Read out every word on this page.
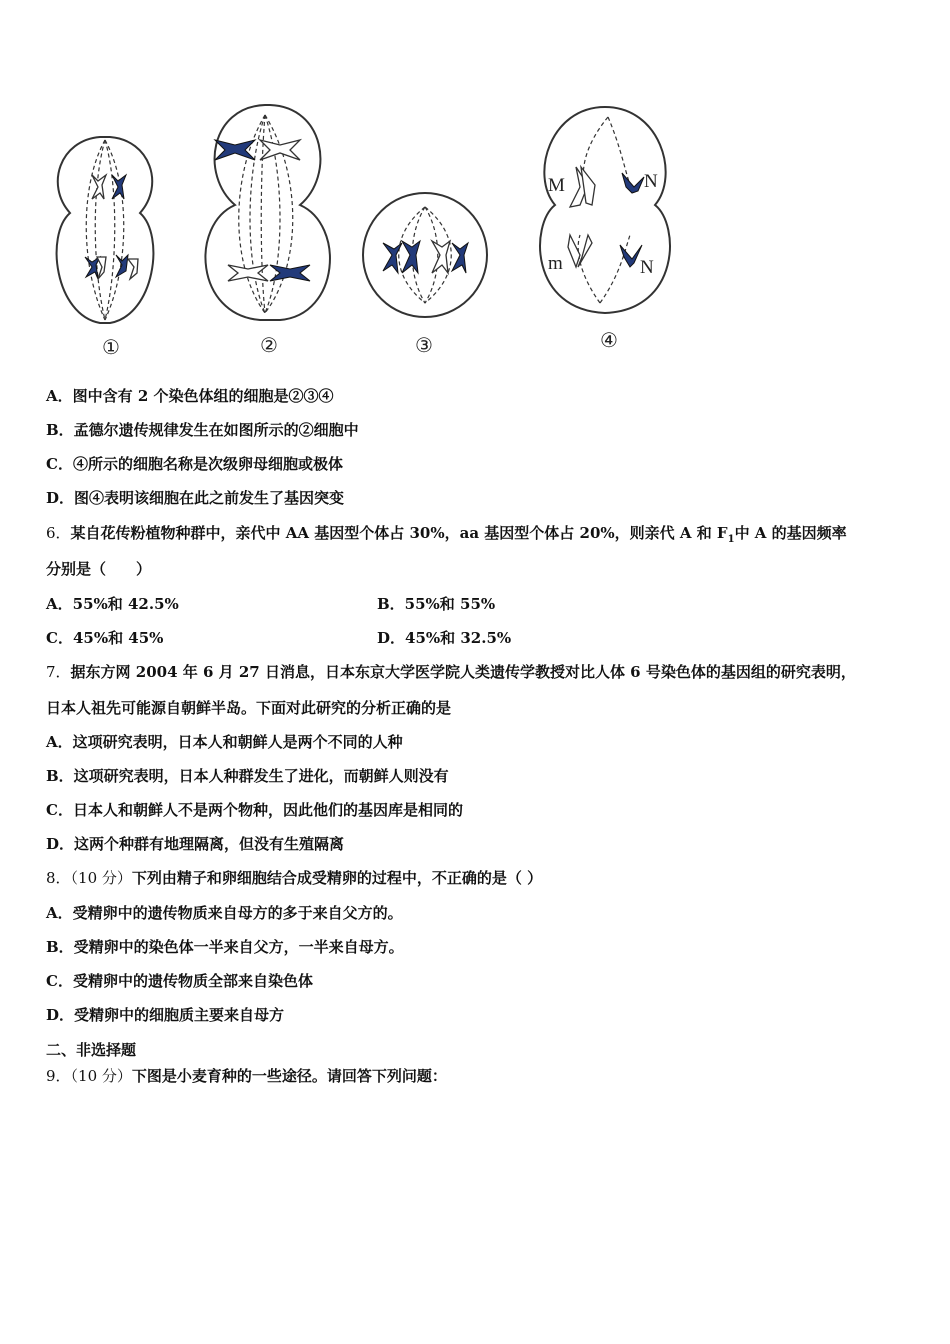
M	N
m	N
①	②	③	④
A．图中含有 2 个染色体组的细胞是②③④
B．孟德尔遗传规律发生在如图所示的②细胞中
C．④所示的细胞名称是次级卵母细胞或极体
D．图④表明该细胞在此之前发生了基因突变
6．某自花传粉植物种群中，亲代中 AA 基因型个体占 30%，aa 基因型个体占 20%，则亲代 A 和 $F_1$中 A 的基因频率
分别是（　　）
A．55%和 42.5%	B．55%和 55%
C．45%和 45%	D．45%和 32.5%
7．据东方网 2004 年 6 月 27 日消息，日本东京大学医学院人类遗传学教授对比人体 6 号染色体的基因组的研究表明，
日本人祖先可能源自朝鲜半岛。下面对此研究的分析正确的是
A．这项研究表明，日本人和朝鲜人是两个不同的人种
B．这项研究表明，日本人种群发生了进化，而朝鲜人则没有
C．日本人和朝鲜人不是两个物种，因此他们的基因库是相同的
D．这两个种群有地理隔离，但没有生殖隔离
8．（10 分）下列由精子和卵细胞结合成受精卵的过程中，不正确的是（ ）
A．受精卵中的遗传物质来自母方的多于来自父方的。
B．受精卵中的染色体一半来自父方，一半来自母方。
C．受精卵中的遗传物质全部来自染色体
D．受精卵中的细胞质主要来自母方
二、非选择题
9．（10 分）下图是小麦育种的一些途径。请回答下列问题：
